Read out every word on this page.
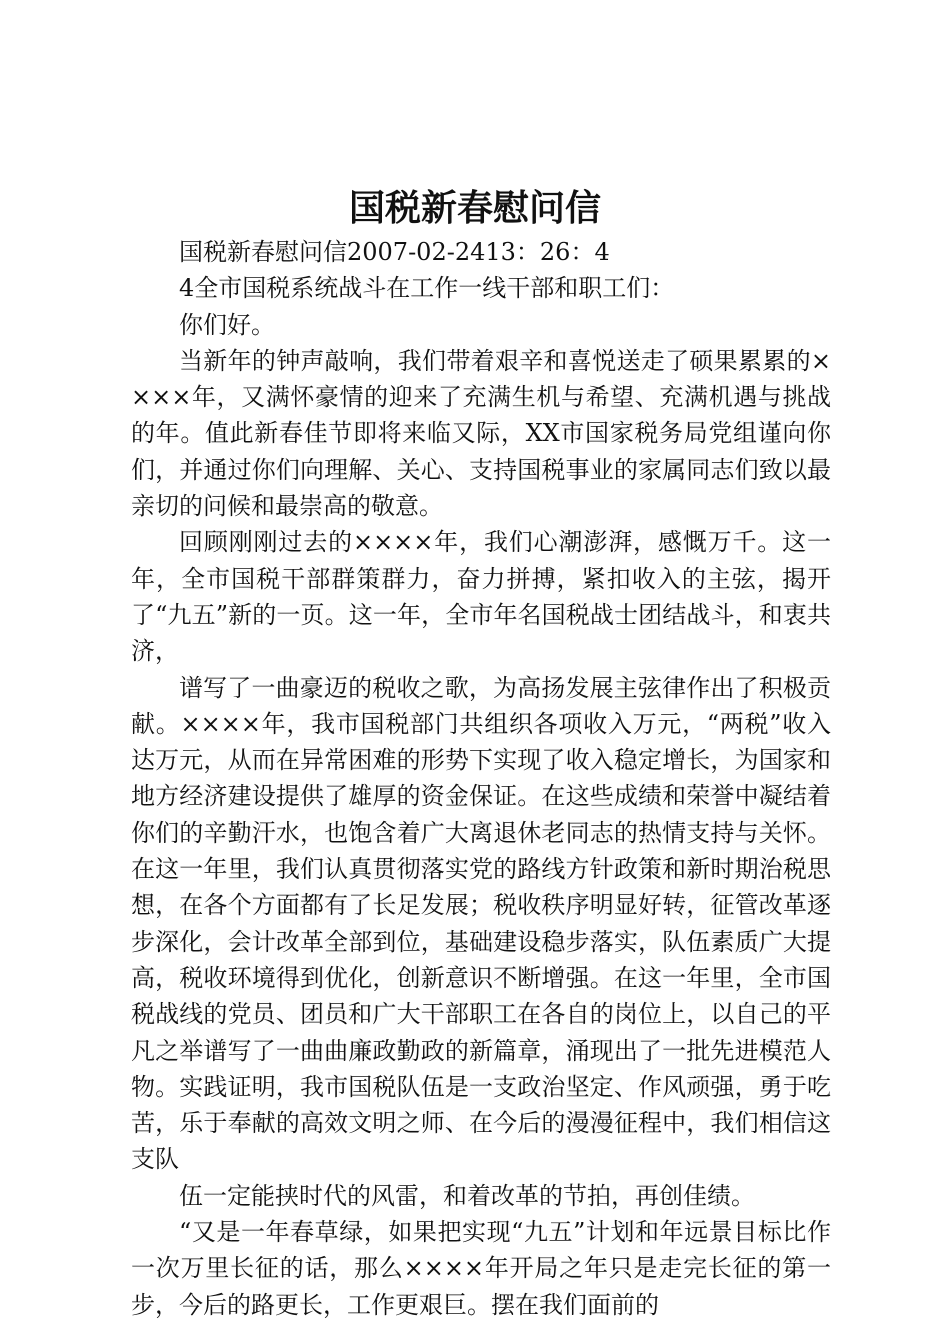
国税新春慰问信

国税新春慰问信2007-02-2413：26：4

4全市国税系统战斗在工作一线干部和职工们：

你们好。

当新年的钟声敲响，我们带着艰辛和喜悦送走了硕果累累的××××年，又满怀豪情的迎来了充满生机与希望、充满机遇与挑战的年。值此新春佳节即将来临又际，XX市国家税务局党组谨向你们，并通过你们向理解、关心、支持国税事业的家属同志们致以最亲切的问候和最崇高的敬意。

回顾刚刚过去的××××年，我们心潮澎湃，感慨万千。这一年，全市国税干部群策群力，奋力拼搏，紧扣收入的主弦，揭开了“九五”新的一页。这一年，全市年名国税战士团结战斗，和衷共济，

谱写了一曲豪迈的税收之歌，为高扬发展主弦律作出了积极贡献。××××年，我市国税部门共组织各项收入万元，“两税”收入达万元，从而在异常困难的形势下实现了收入稳定增长，为国家和地方经济建设提供了雄厚的资金保证。在这些成绩和荣誉中凝结着你们的辛勤汗水，也饱含着广大离退休老同志的热情支持与关怀。在这一年里，我们认真贯彻落实党的路线方针政策和新时期治税思想，在各个方面都有了长足发展；税收秩序明显好转，征管改革逐步深化，会计改革全部到位，基础建设稳步落实，队伍素质广大提高，税收环境得到优化，创新意识不断增强。在这一年里，全市国税战线的党员、团员和广大干部职工在各自的岗位上，以自己的平凡之举谱写了一曲曲廉政勤政的新篇章，涌现出了一批先进模范人物。实践证明，我市国税队伍是一支政治坚定、作风顽强，勇于吃苦，乐于奉献的高效文明之师、在今后的漫漫征程中，我们相信这支队

伍一定能挟时代的风雷，和着改革的节拍，再创佳绩。

“又是一年春草绿，如果把实现“九五”计划和年远景目标比作一次万里长征的话，那么××××年开局之年只是走完长征的第一步，今后的路更长，工作更艰巨。摆在我们面前的
